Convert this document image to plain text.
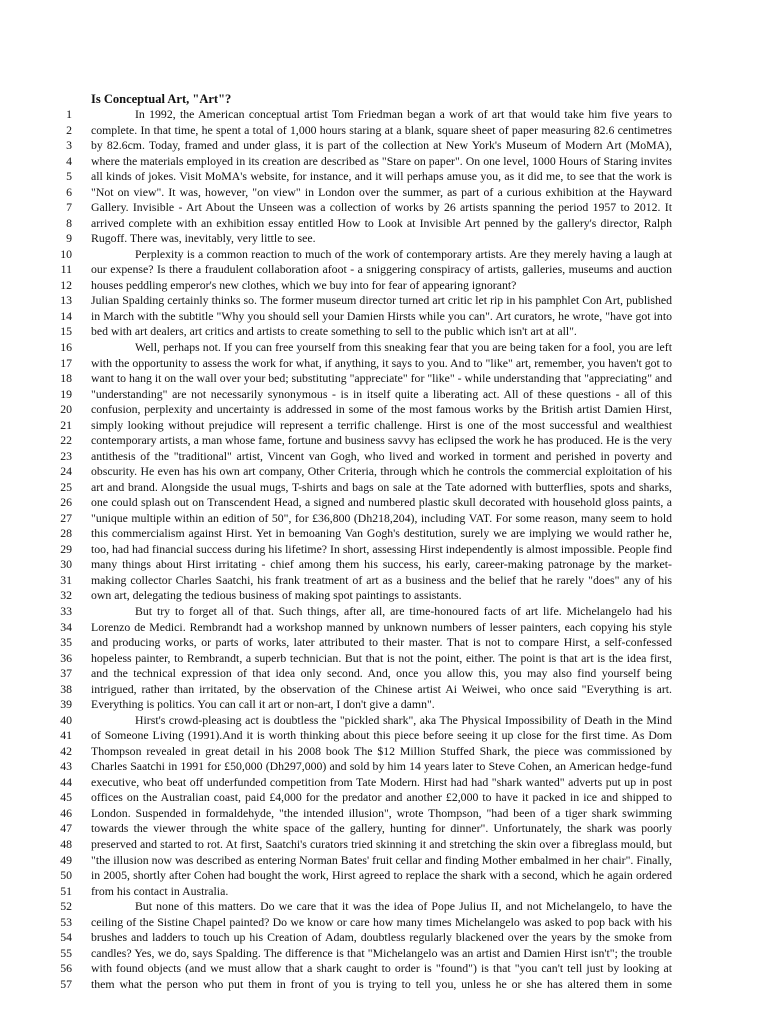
Is Conceptual Art, "Art"?
1	In 1992, the American conceptual artist Tom Friedman began a work of art that would take him five years to
2 complete. In that time, he spent a total of 1,000 hours staring at a blank, square sheet of paper measuring 82.6 centimetres
3 by 82.6cm. Today, framed and under glass, it is part of the collection at New York's Museum of Modern Art (MoMA),
4 where the materials employed in its creation are described as "Stare on paper". On one level, 1000 Hours of Staring invites
5 all kinds of jokes. Visit MoMA's website, for instance, and it will perhaps amuse you, as it did me, to see that the work is
6 "Not on view". It was, however, "on view" in London over the summer, as part of a curious exhibition at the Hayward
7 Gallery. Invisible - Art About the Unseen was a collection of works by 26 artists spanning the period 1957 to 2012. It
8 arrived complete with an exhibition essay entitled How to Look at Invisible Art penned by the gallery's director, Ralph
9 Rugoff. There was, inevitably, very little to see.
10	Perplexity is a common reaction to much of the work of contemporary artists. Are they merely having a laugh at
11 our expense? Is there a fraudulent collaboration afoot - a sniggering conspiracy of artists, galleries, museums and auction
12 houses peddling emperor's new clothes, which we buy into for fear of appearing ignorant?
13 Julian Spalding certainly thinks so. The former museum director turned art critic let rip in his pamphlet Con Art, published
14 in March with the subtitle "Why you should sell your Damien Hirsts while you can". Art curators, he wrote, "have got into
15 bed with art dealers, art critics and artists to create something to sell to the public which isn't art at all".
16	Well, perhaps not. If you can free yourself from this sneaking fear that you are being taken for a fool, you are left
17 with the opportunity to assess the work for what, if anything, it says to you. And to "like" art, remember, you haven't got to
18 want to hang it on the wall over your bed; substituting "appreciate" for "like" - while understanding that "appreciating" and
19 "understanding" are not necessarily synonymous - is in itself quite a liberating act. All of these questions - all of this
20 confusion, perplexity and uncertainty is addressed in some of the most famous works by the British artist Damien Hirst,
21 simply looking without prejudice will represent a terrific challenge. Hirst is one of the most successful and wealthiest
22 contemporary artists, a man whose fame, fortune and business savvy has eclipsed the work he has produced. He is the very
23 antithesis of the "traditional" artist, Vincent van Gogh, who lived and worked in torment and perished in poverty and
24 obscurity. He even has his own art company, Other Criteria, through which he controls the commercial exploitation of his
25 art and brand. Alongside the usual mugs, T-shirts and bags on sale at the Tate adorned with butterflies, spots and sharks,
26 one could splash out on Transcendent Head, a signed and numbered plastic skull decorated with household gloss paints, a
27 "unique multiple within an edition of 50", for £36,800 (Dh218,204), including VAT. For some reason, many seem to hold
28 this commercialism against Hirst. Yet in bemoaning Van Gogh's destitution, surely we are implying we would rather he,
29 too, had had financial success during his lifetime? In short, assessing Hirst independently is almost impossible. People find
30 many things about Hirst irritating - chief among them his success, his early, career-making patronage by the market-
31 making collector Charles Saatchi, his frank treatment of art as a business and the belief that he rarely "does" any of his
32 own art, delegating the tedious business of making spot paintings to assistants.
33	But try to forget all of that. Such things, after all, are time-honoured facts of art life. Michelangelo had his
34 Lorenzo de Medici. Rembrandt had a workshop manned by unknown numbers of lesser painters, each copying his style
35 and producing works, or parts of works, later attributed to their master. That is not to compare Hirst, a self-confessed
36 hopeless painter, to Rembrandt, a superb technician. But that is not the point, either. The point is that art is the idea first,
37 and the technical expression of that idea only second. And, once you allow this, you may also find yourself being
38 intrigued, rather than irritated, by the observation of the Chinese artist Ai Weiwei, who once said "Everything is art.
39 Everything is politics. You can call it art or non-art, I don't give a damn".
40	Hirst's crowd-pleasing act is doubtless the "pickled shark", aka The Physical Impossibility of Death in the Mind
41 of Someone Living (1991).And it is worth thinking about this piece before seeing it up close for the first time. As Dom
42 Thompson revealed in great detail in his 2008 book The $12 Million Stuffed Shark, the piece was commissioned by
43 Charles Saatchi in 1991 for £50,000 (Dh297,000) and sold by him 14 years later to Steve Cohen, an American hedge-fund
44 executive, who beat off underfunded competition from Tate Modern. Hirst had had "shark wanted" adverts put up in post
45 offices on the Australian coast, paid £4,000 for the predator and another £2,000 to have it packed in ice and shipped to
46 London. Suspended in formaldehyde, "the intended illusion", wrote Thompson, "had been of a tiger shark swimming
47 towards the viewer through the white space of the gallery, hunting for dinner". Unfortunately, the shark was poorly
48 preserved and started to rot. At first, Saatchi's curators tried skinning it and stretching the skin over a fibreglass mould, but
49 "the illusion now was described as entering Norman Bates' fruit cellar and finding Mother embalmed in her chair". Finally,
50 in 2005, shortly after Cohen had bought the work, Hirst agreed to replace the shark with a second, which he again ordered
51 from his contact in Australia.
52	But none of this matters. Do we care that it was the idea of Pope Julius II, and not Michelangelo, to have the
53 ceiling of the Sistine Chapel painted? Do we know or care how many times Michelangelo was asked to pop back with his
54 brushes and ladders to touch up his Creation of Adam, doubtless regularly blackened over the years by the smoke from
55 candles? Yes, we do, says Spalding. The difference is that "Michelangelo was an artist and Damien Hirst isn't"; the trouble
56 with found objects (and we must allow that a shark caught to order is "found") is that "you can't tell just by looking at
57 them what the person who put them in front of you is trying to tell you, unless he or she has altered them in some
